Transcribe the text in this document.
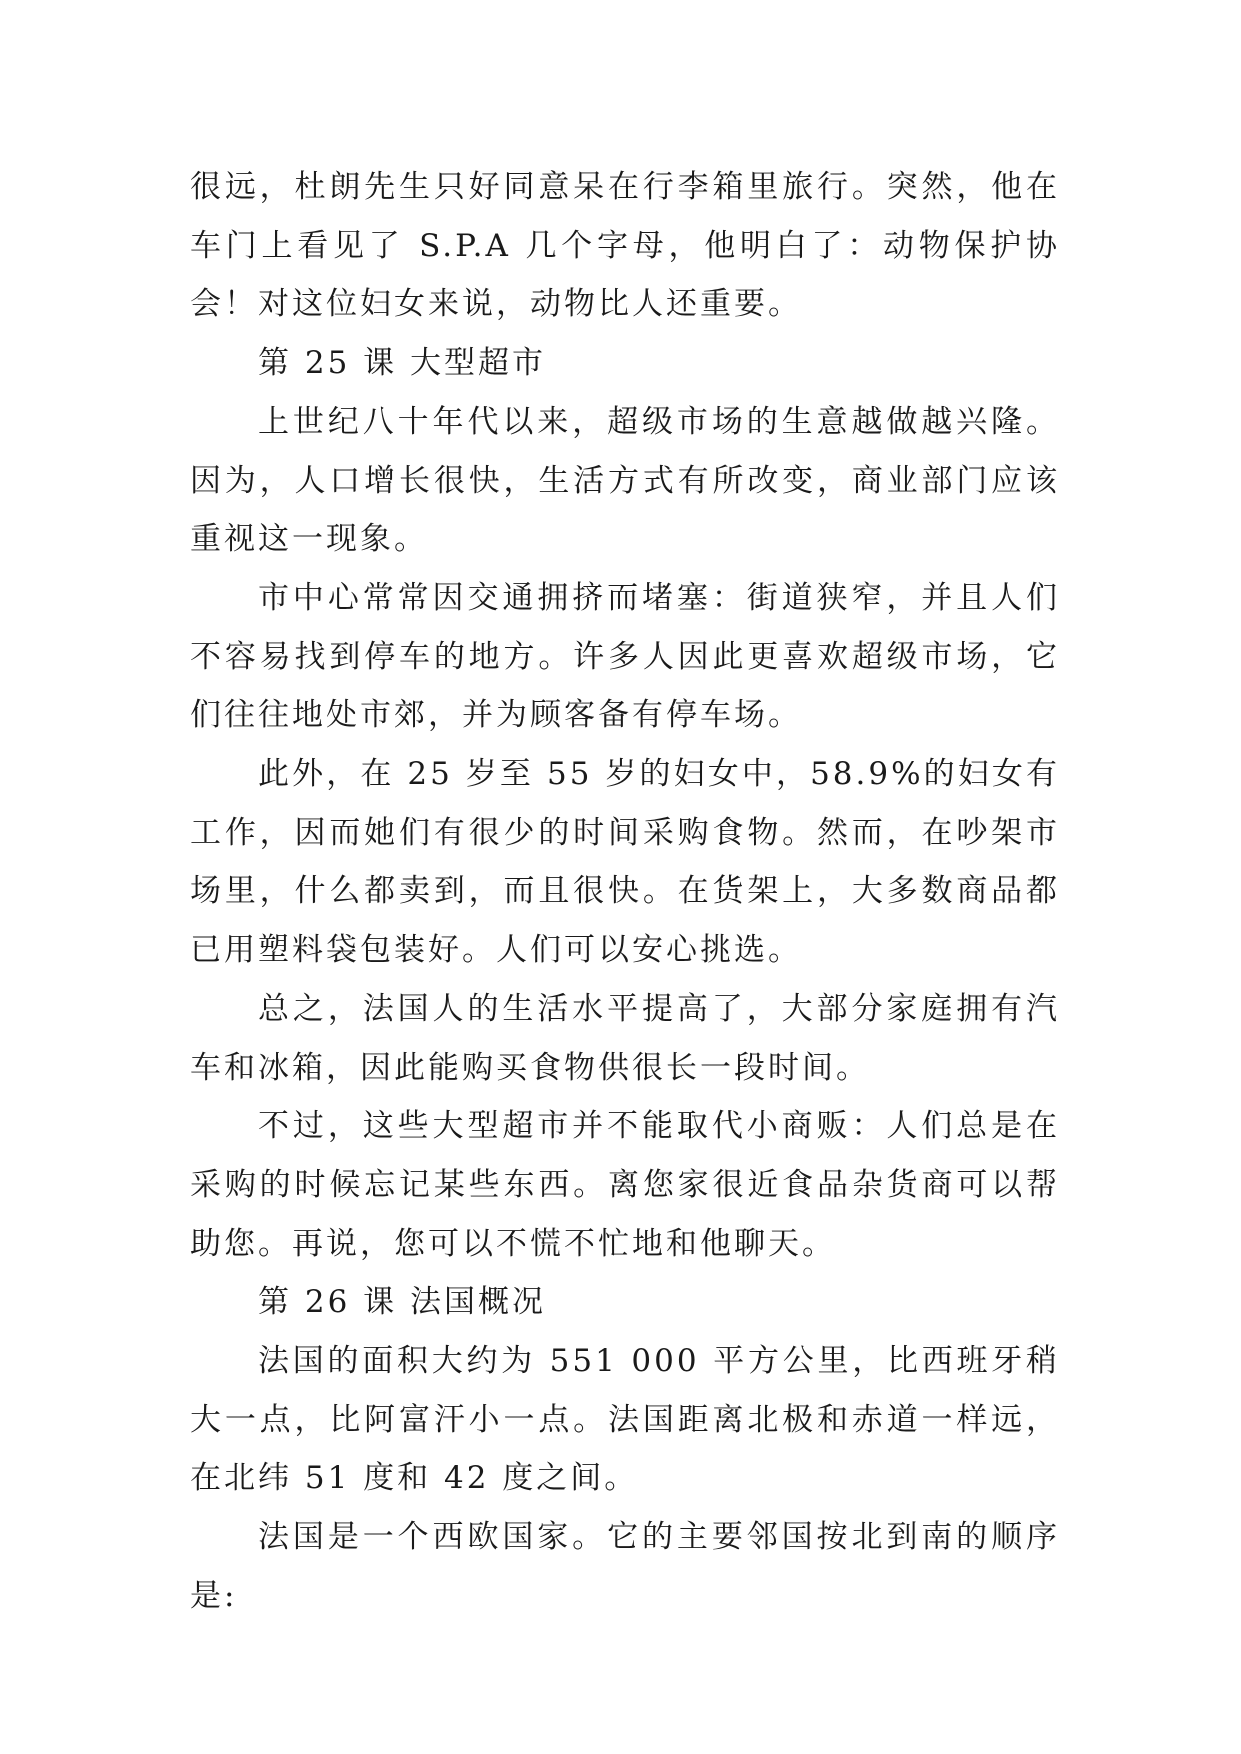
很远，杜朗先生只好同意呆在行李箱里旅行。突然，他在车门上看见了 S.P.A 几个字母，他明白了：动物保护协会！对这位妇女来说，动物比人还重要。

第 25 课 大型超市

上世纪八十年代以来，超级市场的生意越做越兴隆。因为，人口增长很快，生活方式有所改变，商业部门应该重视这一现象。

市中心常常因交通拥挤而堵塞：街道狭窄，并且人们不容易找到停车的地方。许多人因此更喜欢超级市场，它们往往地处市郊，并为顾客备有停车场。

此外，在 25 岁至 55 岁的妇女中，58.9%的妇女有工作，因而她们有很少的时间采购食物。然而，在吵架市场里，什么都卖到，而且很快。在货架上，大多数商品都已用塑料袋包装好。人们可以安心挑选。

总之，法国人的生活水平提高了，大部分家庭拥有汽车和冰箱，因此能购买食物供很长一段时间。

不过，这些大型超市并不能取代小商贩：人们总是在采购的时候忘记某些东西。离您家很近食品杂货商可以帮助您。再说，您可以不慌不忙地和他聊天。

第 26 课 法国概况

法国的面积大约为 551 000 平方公里，比西班牙稍大一点，比阿富汗小一点。法国距离北极和赤道一样远，在北纬 51 度和 42 度之间。

法国是一个西欧国家。它的主要邻国按北到南的顺序是:
